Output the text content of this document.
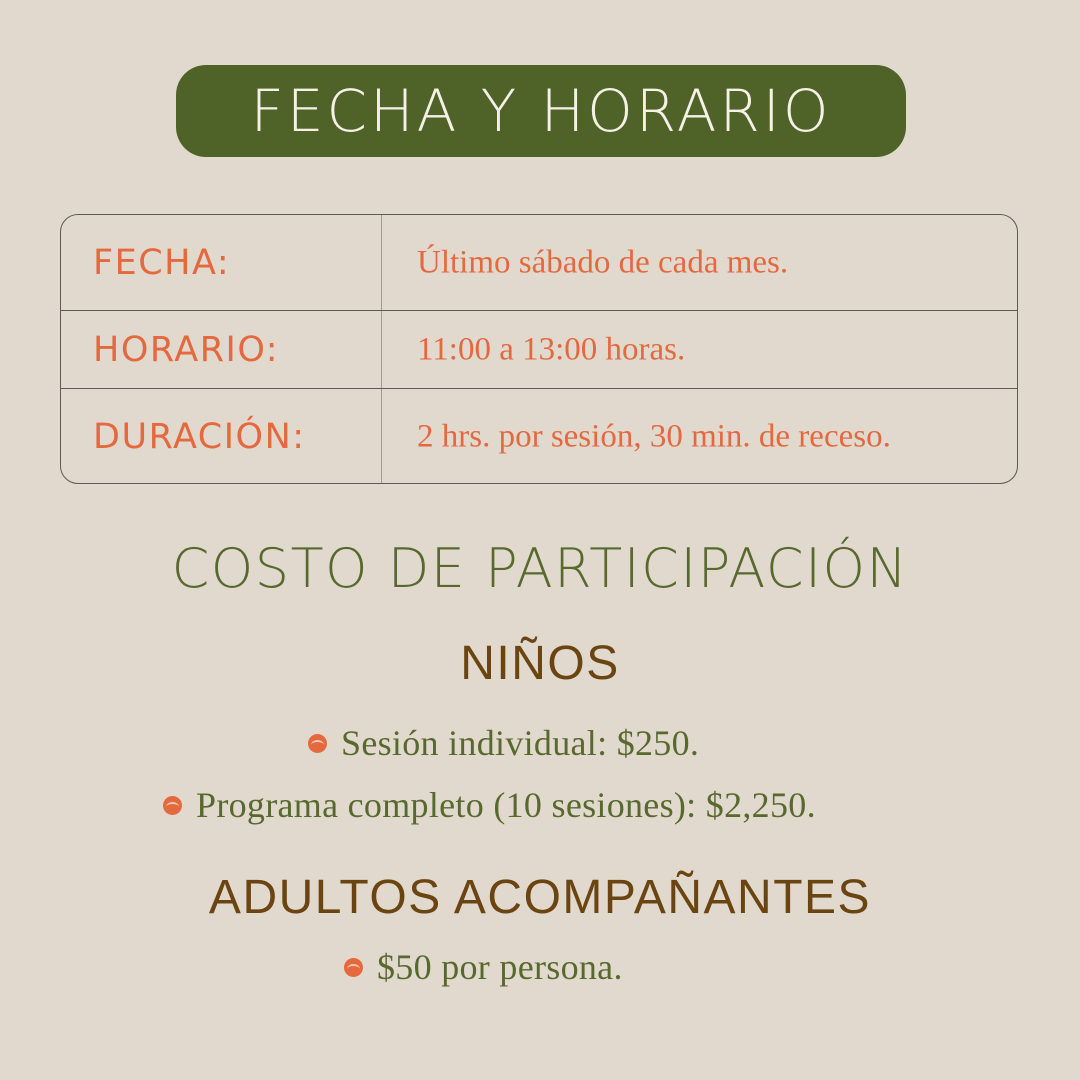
FECHA Y HORARIO
FECHA:	Último sábado de cada mes.
HORARIO:	11:00 a 13:00 horas.
DURACIÓN:	2 hrs. por sesión, 30 min. de receso.
COSTO DE PARTICIPACIÓN
NIÑOS
Sesión individual: $250.
Programa completo (10 sesiones): $2,250.
ADULTOS ACOMPAÑANTES
$50 por persona.
